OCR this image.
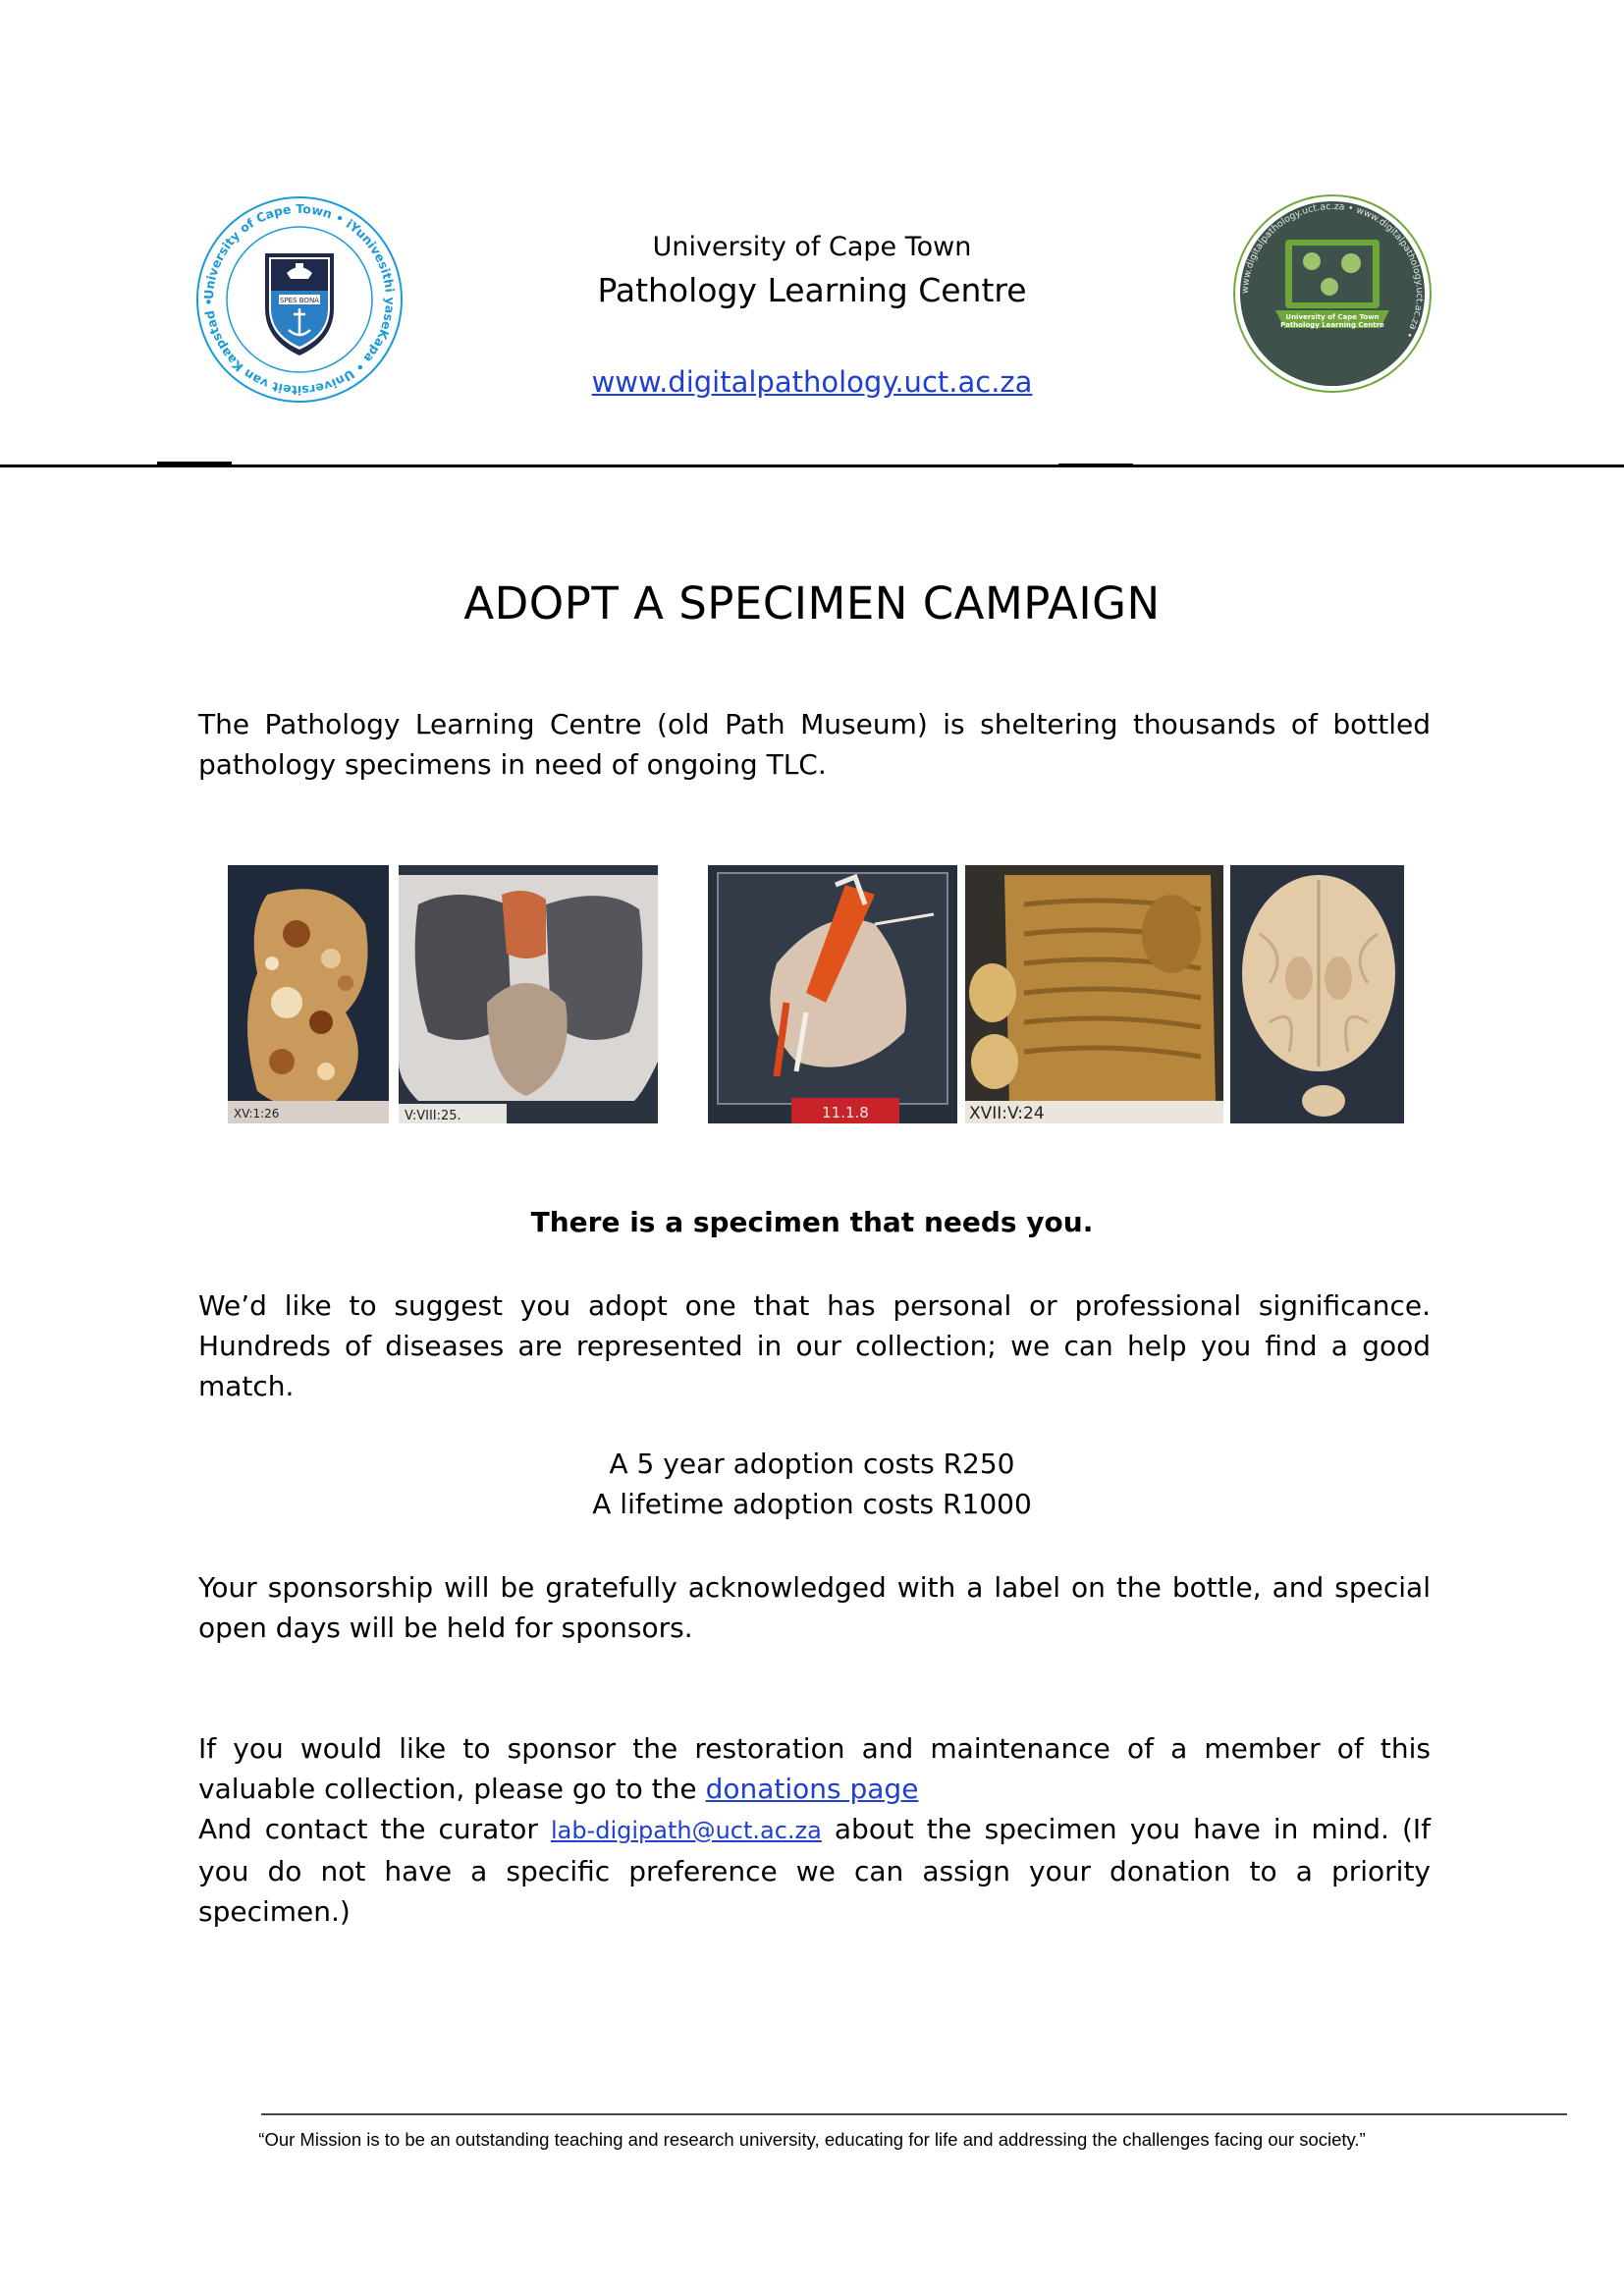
University of Cape Town • iYunivesithi yaseKapa • Universiteit van Kaapstad •	SPES BONA
University of Cape Town
Pathology Learning Centre
www.digitalpathology.uct.ac.za
www.digitalpathology.uct.ac.za • www.digitalpathology.uct.ac.za •
University of Cape Town
Pathology Learning Centre
ADOPT A SPECIMEN CAMPAIGN
The Pathology Learning Centre (old Path Museum) is sheltering thousands of bottled pathology specimens in need of ongoing TLC.
XV:1:26	V:VIII:25.	11.1.8	XVII:V:24
There is a specimen that needs you.
We’d like to suggest you adopt one that has personal or professional significance. Hundreds of diseases are represented in our collection; we can help you find a good match.
A 5 year adoption costs R250
A lifetime adoption costs R1000
Your sponsorship will be gratefully acknowledged with a label on the bottle, and special open days will be held for sponsors.
If you would like to sponsor the restoration and maintenance of a member of this valuable collection, please go to the donations page
And contact the curator lab-digipath@uct.ac.za about the specimen you have in mind. (If you do not have a specific preference we can assign your donation to a priority specimen.)
“Our Mission is to be an outstanding teaching and research university, educating for life and addressing the challenges facing our society.”
